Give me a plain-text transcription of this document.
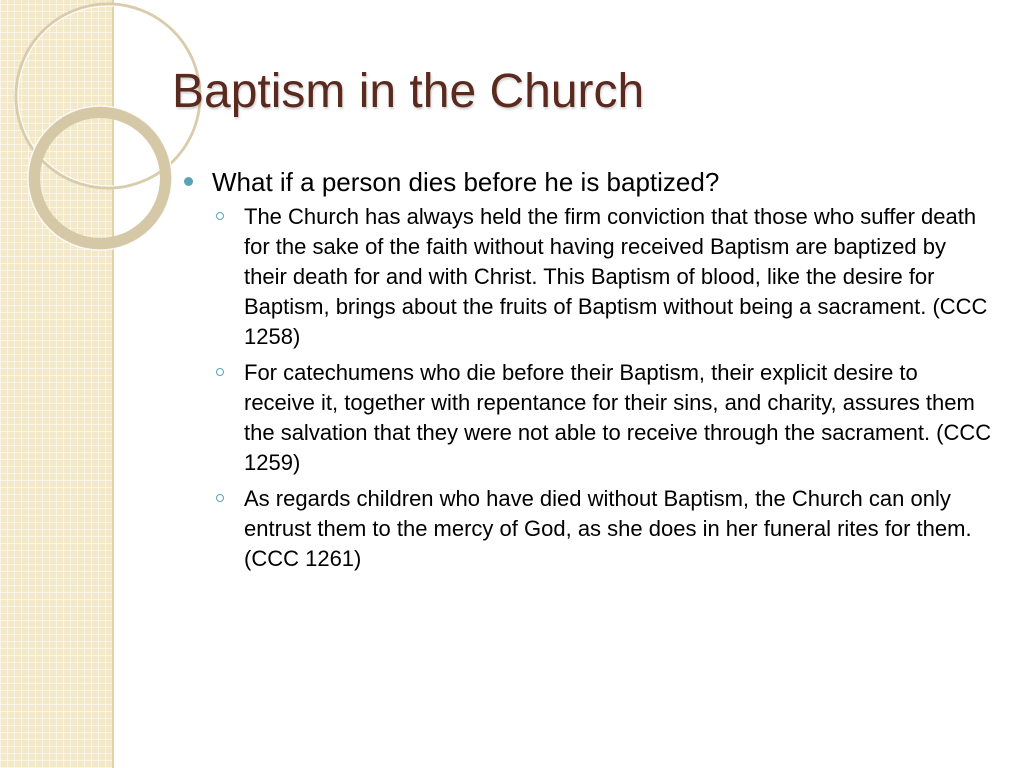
Baptism in the Church
What if a person dies before he is baptized?
The Church has always held the firm conviction that those who suffer death for the sake of the faith without having received Baptism are baptized by their death for and with Christ. This Baptism of blood, like the desire for Baptism, brings about the fruits of Baptism without being a sacrament. (CCC 1258)
For catechumens who die before their Baptism, their explicit desire to receive it, together with repentance for their sins, and charity, assures them the salvation that they were not able to receive through the sacrament. (CCC 1259)
As regards children who have died without Baptism, the Church can only entrust them to the mercy of God, as she does in her funeral rites for them. (CCC 1261)
